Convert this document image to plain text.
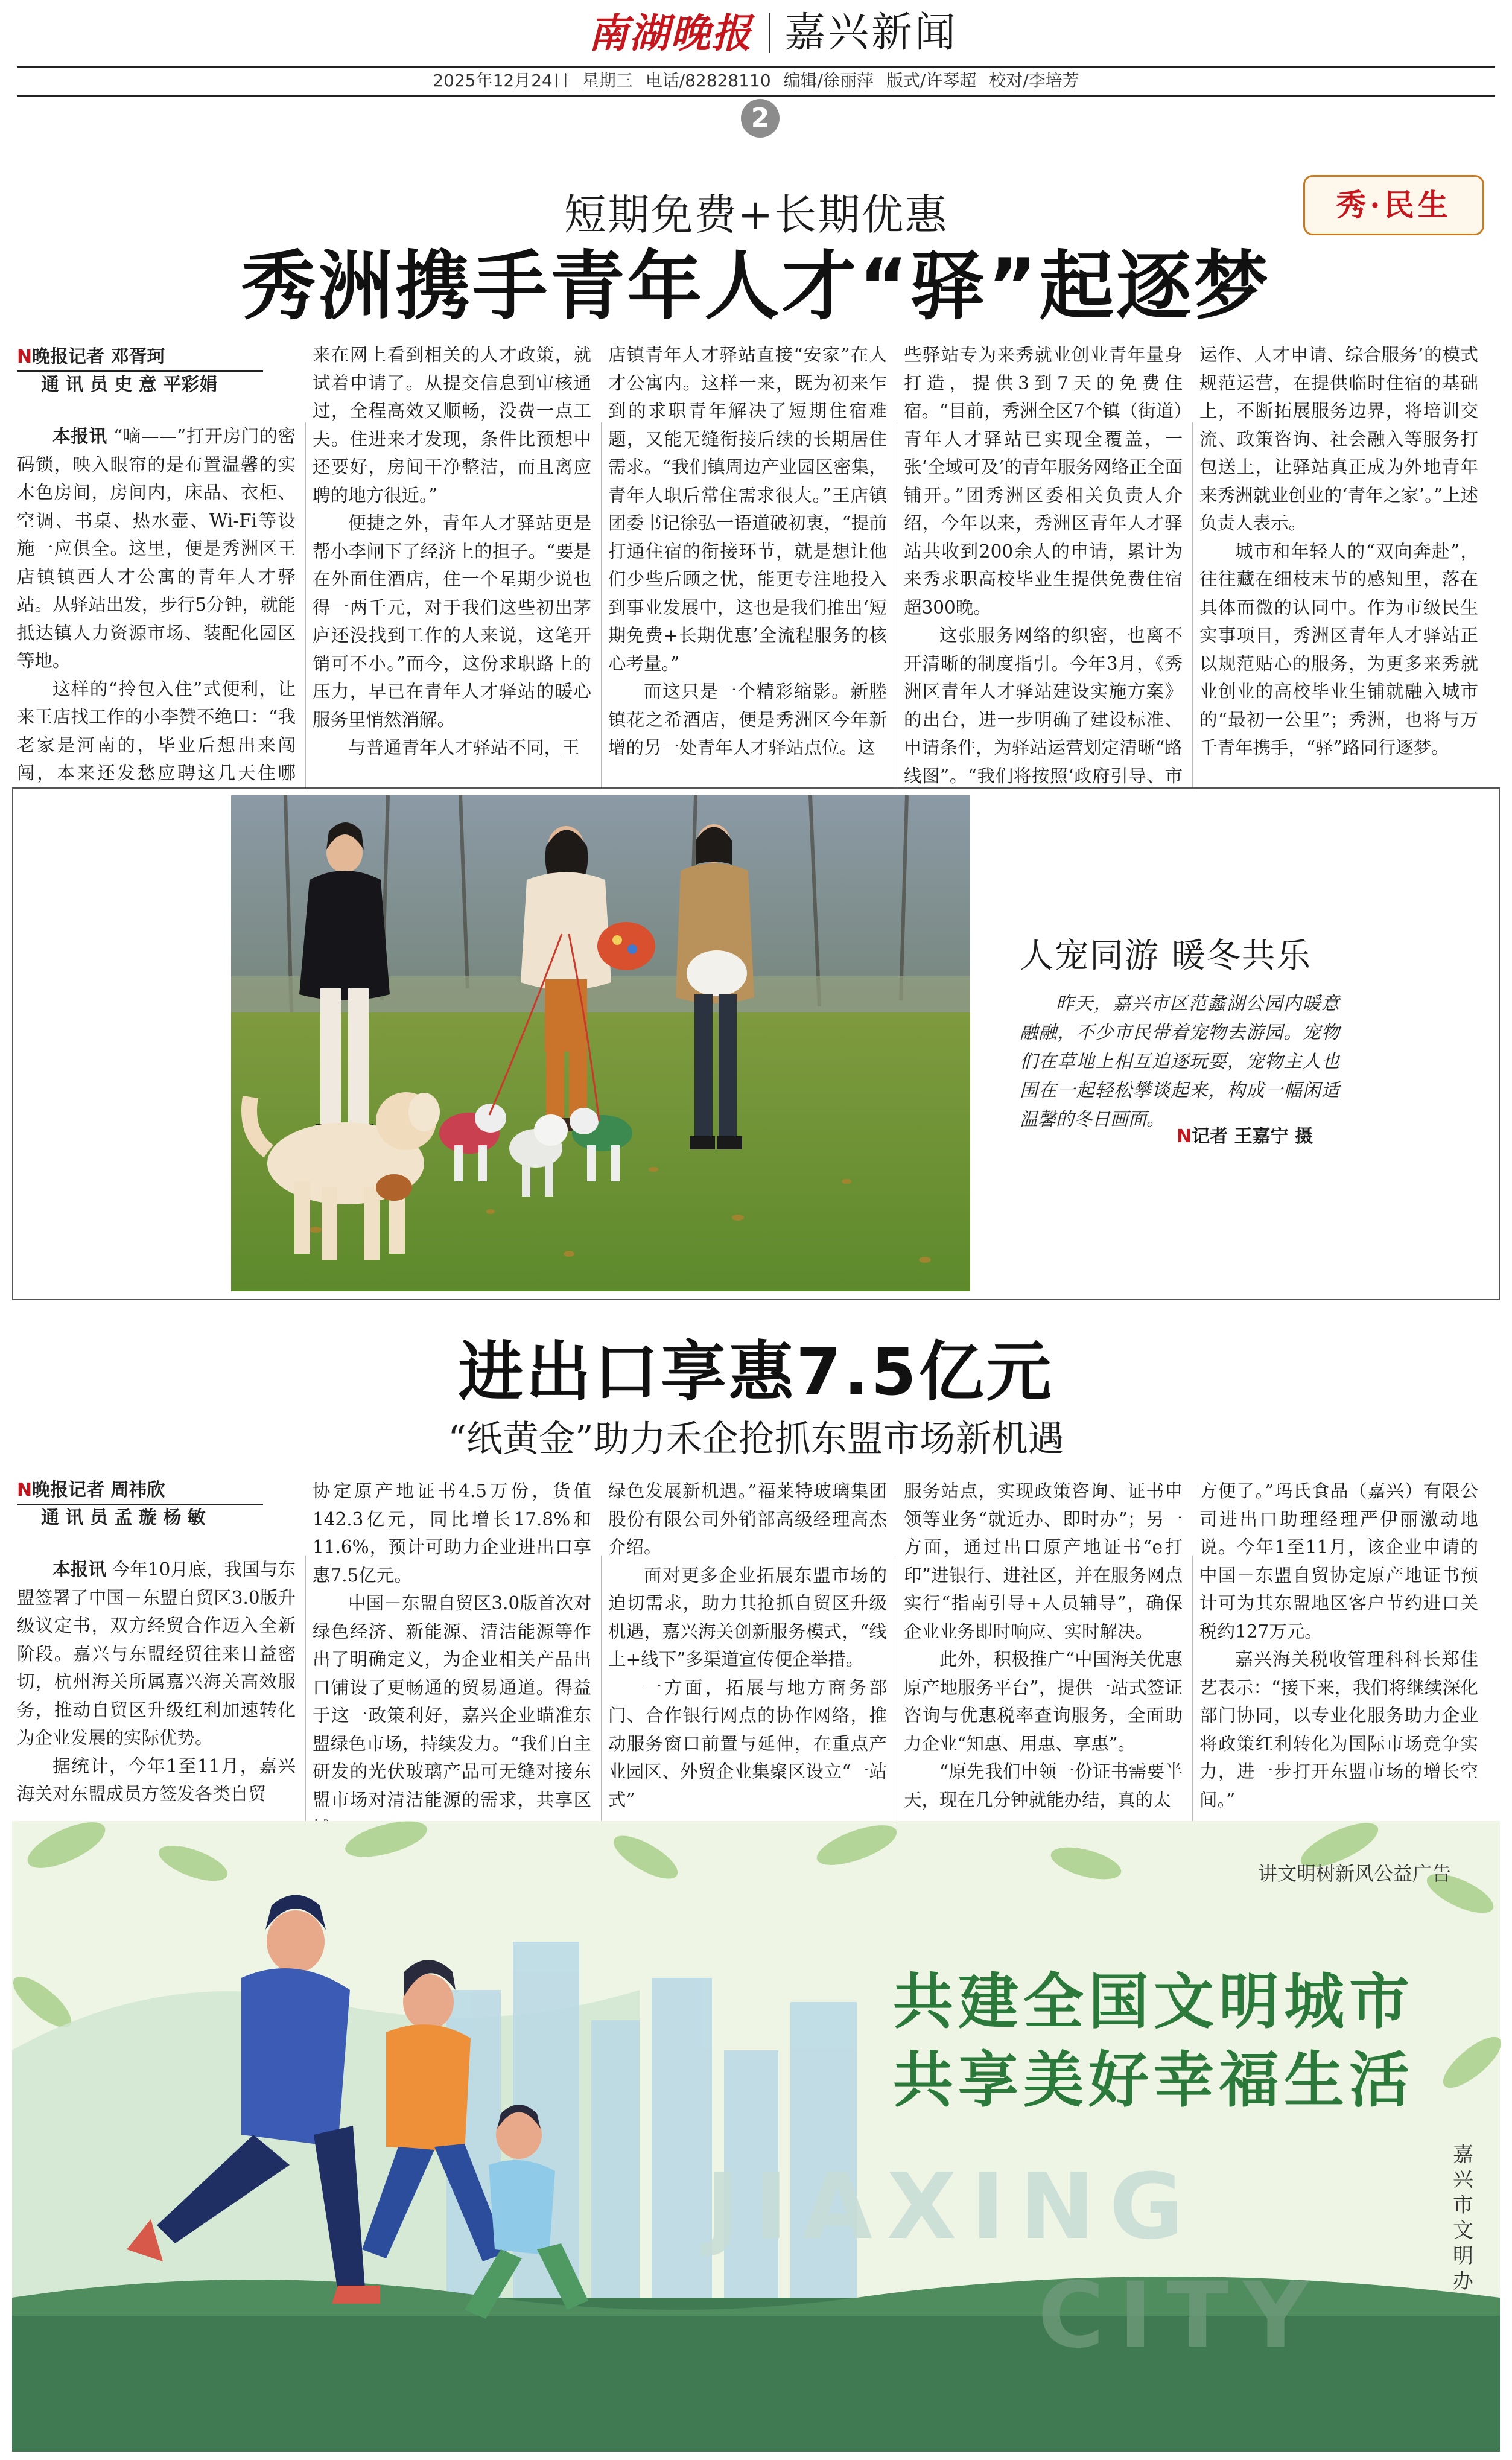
南湖晚报 嘉兴新闻
2025年12月24日 星期三 电话/82828110 编辑/徐丽萍 版式/许琴超 校对/李培芳
2
秀·民生
短期免费+长期优惠
秀洲携手青年人才“驿”起逐梦
N晚报记者 邓胥珂
通 讯 员 史 意 平彩娟

本报讯 “嘀——”打开房门的密码锁，映入眼帘的是布置温馨的实木色房间，房间内，床品、衣柜、空调、书桌、热水壶、Wi-Fi等设施一应俱全。这里，便是秀洲区王店镇镇西人才公寓的青年人才驿站。从驿站出发，步行5分钟，就能抵达镇人力资源市场、装配化园区等地。

这样的“拎包入住”式便利，让来王店找工作的小李赞不绝口：“我老家是河南的，毕业后想出来闯闯，本来还发愁应聘这几天住哪

来在网上看到相关的人才政策，就试着申请了。从提交信息到审核通过，全程高效又顺畅，没费一点工夫。住进来才发现，条件比预想中还要好，房间干净整洁，而且离应聘的地方很近。”

便捷之外，青年人才驿站更是帮小李闸下了经济上的担子。“要是在外面住酒店，住一个星期少说也得一两千元，对于我们这些初出茅庐还没找到工作的人来说，这笔开销可不小。”而今，这份求职路上的压力，早已在青年人才驿站的暖心服务里悄然消解。

与普通青年人才驿站不同，王

店镇青年人才驿站直接“安家”在人才公寓内。这样一来，既为初来乍到的求职青年解决了短期住宿难题，又能无缝衔接后续的长期居住需求。“我们镇周边产业园区密集，青年人职后常住需求很大。”王店镇团委书记徐弘一语道破初衷，“提前打通住宿的衔接环节，就是想让他们少些后顾之忧，能更专注地投入到事业发展中，这也是我们推出‘短期免费+长期优惠’全流程服务的核心考量。”

而这只是一个精彩缩影。新塍镇花之希酒店，便是秀洲区今年新增的另一处青年人才驿站点位。这

些驿站专为来秀就业创业青年量身打造，提供3到7天的免费住宿。“目前，秀洲全区7个镇（街道）青年人才驿站已实现全覆盖，一张‘全域可及’的青年服务网络正全面铺开。”团秀洲区委相关负责人介绍，今年以来，秀洲区青年人才驿站共收到200余人的申请，累计为来秀求职高校毕业生提供免费住宿超300晚。

这张服务网络的织密，也离不开清晰的制度指引。今年3月，《秀洲区青年人才驿站建设实施方案》的出台，进一步明确了建设标准、申请条件，为驿站运营划定清晰“路线图”。“我们将按照‘政府引导、市

运作、人才申请、综合服务’的模式规范运营，在提供临时住宿的基础上，不断拓展服务边界，将培训交流、政策咨询、社会融入等服务打包送上，让驿站真正成为外地青年来秀洲就业创业的‘青年之家’。”上述负责人表示。

城市和年轻人的“双向奔赴”，往往藏在细枝末节的感知里，落在具体而微的认同中。作为市级民生实事项目，秀洲区青年人才驿站正以规范贴心的服务，为更多来秀就业创业的高校毕业生铺就融入城市的“最初一公里”；秀洲，也将与万千青年携手，“驿”路同行逐梦。

人宠同游 暖冬共乐

昨天，嘉兴市区范蠡湖公园内暖意融融，不少市民带着宠物去游园。宠物们在草地上相互追逐玩耍，宠物主人也围在一起轻松攀谈起来，构成一幅闲适温馨的冬日画面。

N记者 王嘉宁 摄
进出口享惠7.5亿元
“纸黄金”助力禾企抢抓东盟市场新机遇
N晚报记者 周祎欣
通 讯 员 孟 璇 杨 敏

本报讯 今年10月底，我国与东盟签署了中国－东盟自贸区3.0版升级议定书，双方经贸合作迈入全新阶段。嘉兴与东盟经贸往来日益密切，杭州海关所属嘉兴海关高效服务，推动自贸区升级红利加速转化为企业发展的实际优势。

据统计，今年1至11月，嘉兴海关对东盟成员方签发各类自贸

协定原产地证书4.5万份，货值142.3亿元，同比增长17.8%和11.6%，预计可助力企业进出口享惠7.5亿元。

中国－东盟自贸区3.0版首次对绿色经济、新能源、清洁能源等作出了明确定义，为企业相关产品出口铺设了更畅通的贸易通道。得益于这一政策利好，嘉兴企业瞄准东盟绿色市场，持续发力。“我们自主研发的光伏玻璃产品可无缝对接东盟市场对清洁能源的需求，共享区

绿色发展新机遇。”福莱特玻璃集团股份有限公司外销部高级经理高杰介绍。

面对更多企业拓展东盟市场的迫切需求，助力其抢抓自贸区升级机遇，嘉兴海关创新服务模式，“线上+线下”多渠道宣传便企举措。

一方面，拓展与地方商务部门、合作银行网点的协作网络，推动服务窗口前置与延伸，在重点产业园区、外贸企业集聚区设立“一站式”

服务站点，实现政策咨询、证书申领等业务“就近办、即时办”；另一方面，通过出口原产地证书“e打印”进银行、进社区，并在服务网点实行“指南引导+人员辅导”，确保企业业务即时响应、实时解决。

此外，积极推广“中国海关优惠原产地服务平台”，提供一站式签证咨询与优惠税率查询服务，全面助力企业“知惠、用惠、享惠”。

“原先我们申领一份证书需要半天，现在几分钟就能办结，真的太

方便了。”玛氏食品（嘉兴）有限公司进出口助理经理严伊丽激动地说。今年1至11月，该企业申请的中国－东盟自贸协定原产地证书预计可为其东盟地区客户节约进口关税约127万元。

嘉兴海关税收管理科科长郑佳艺表示：“接下来，我们将继续深化部门协同，以专业化服务助力企业将政策红利转化为国际市场竞争实力，进一步打开东盟市场的增长空间。”

JIAXING
CITY
共建全国文明城市
共享美好幸福生活
讲文明树新风公益广告
嘉兴市文明办
